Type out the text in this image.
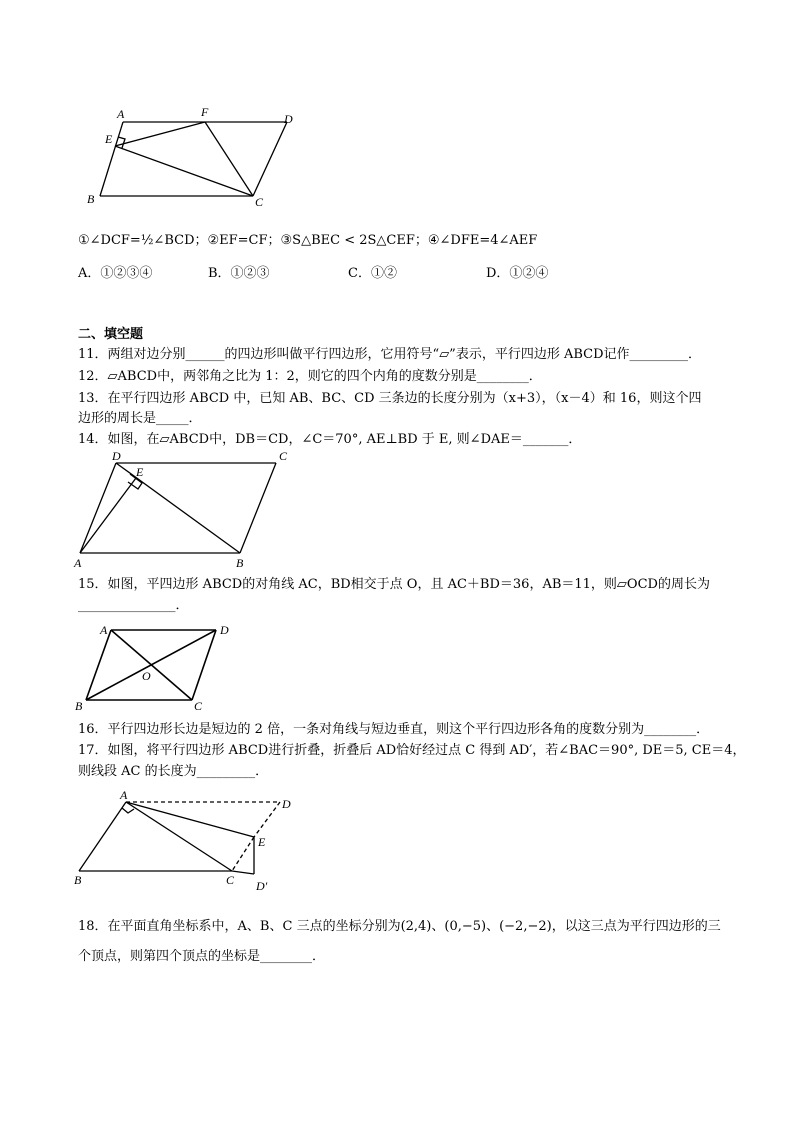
A	F	D
E
B	C
①∠DCF=½∠BCD；②EF=CF；③S△BEC < 2S△CEF；④∠DFE=4∠AEF
A．①②③④	B．①②③	C．①②	D．①②④
二、填空题
11．两组对边分别______的四边形叫做平行四边形，它用符号“▱”表示，平行四边形 ABCD记作_________．
12．▱ABCD中，两邻角之比为 1：2，则它的四个内角的度数分别是________．
13．在平行四边形 ABCD 中，已知 AB、BC、CD 三条边的长度分别为（x+3），（x－4）和 16，则这个四
边形的周长是_____．
14．如图，在▱ABCD中，DB＝CD，∠C＝70°, AE⊥BD 于 E, 则∠DAE＝_______．
D
E
C
A	B
15．如图，平四边形 ABCD的对角线 AC，BD相交于点 O，且 AC＋BD＝36，AB＝11，则▱OCD的周长为
_______________．
A	D
O
B	C
16．平行四边形长边是短边的 2 倍，一条对角线与短边垂直，则这个平行四边形各角的度数分别为________．
17．如图，将平行四边形 ABCD进行折叠，折叠后 AD恰好经过点 C 得到 AD′，若∠BAC＝90°, DE＝5, CE＝4，
则线段 AC 的长度为_________．
A
D
E
B	C D′
18．在平面直角坐标系中，A、B、C 三点的坐标分别为(2,4)、(0,−5)、(−2,−2)，以这三点为平行四边形的三
个顶点，则第四个顶点的坐标是________．
